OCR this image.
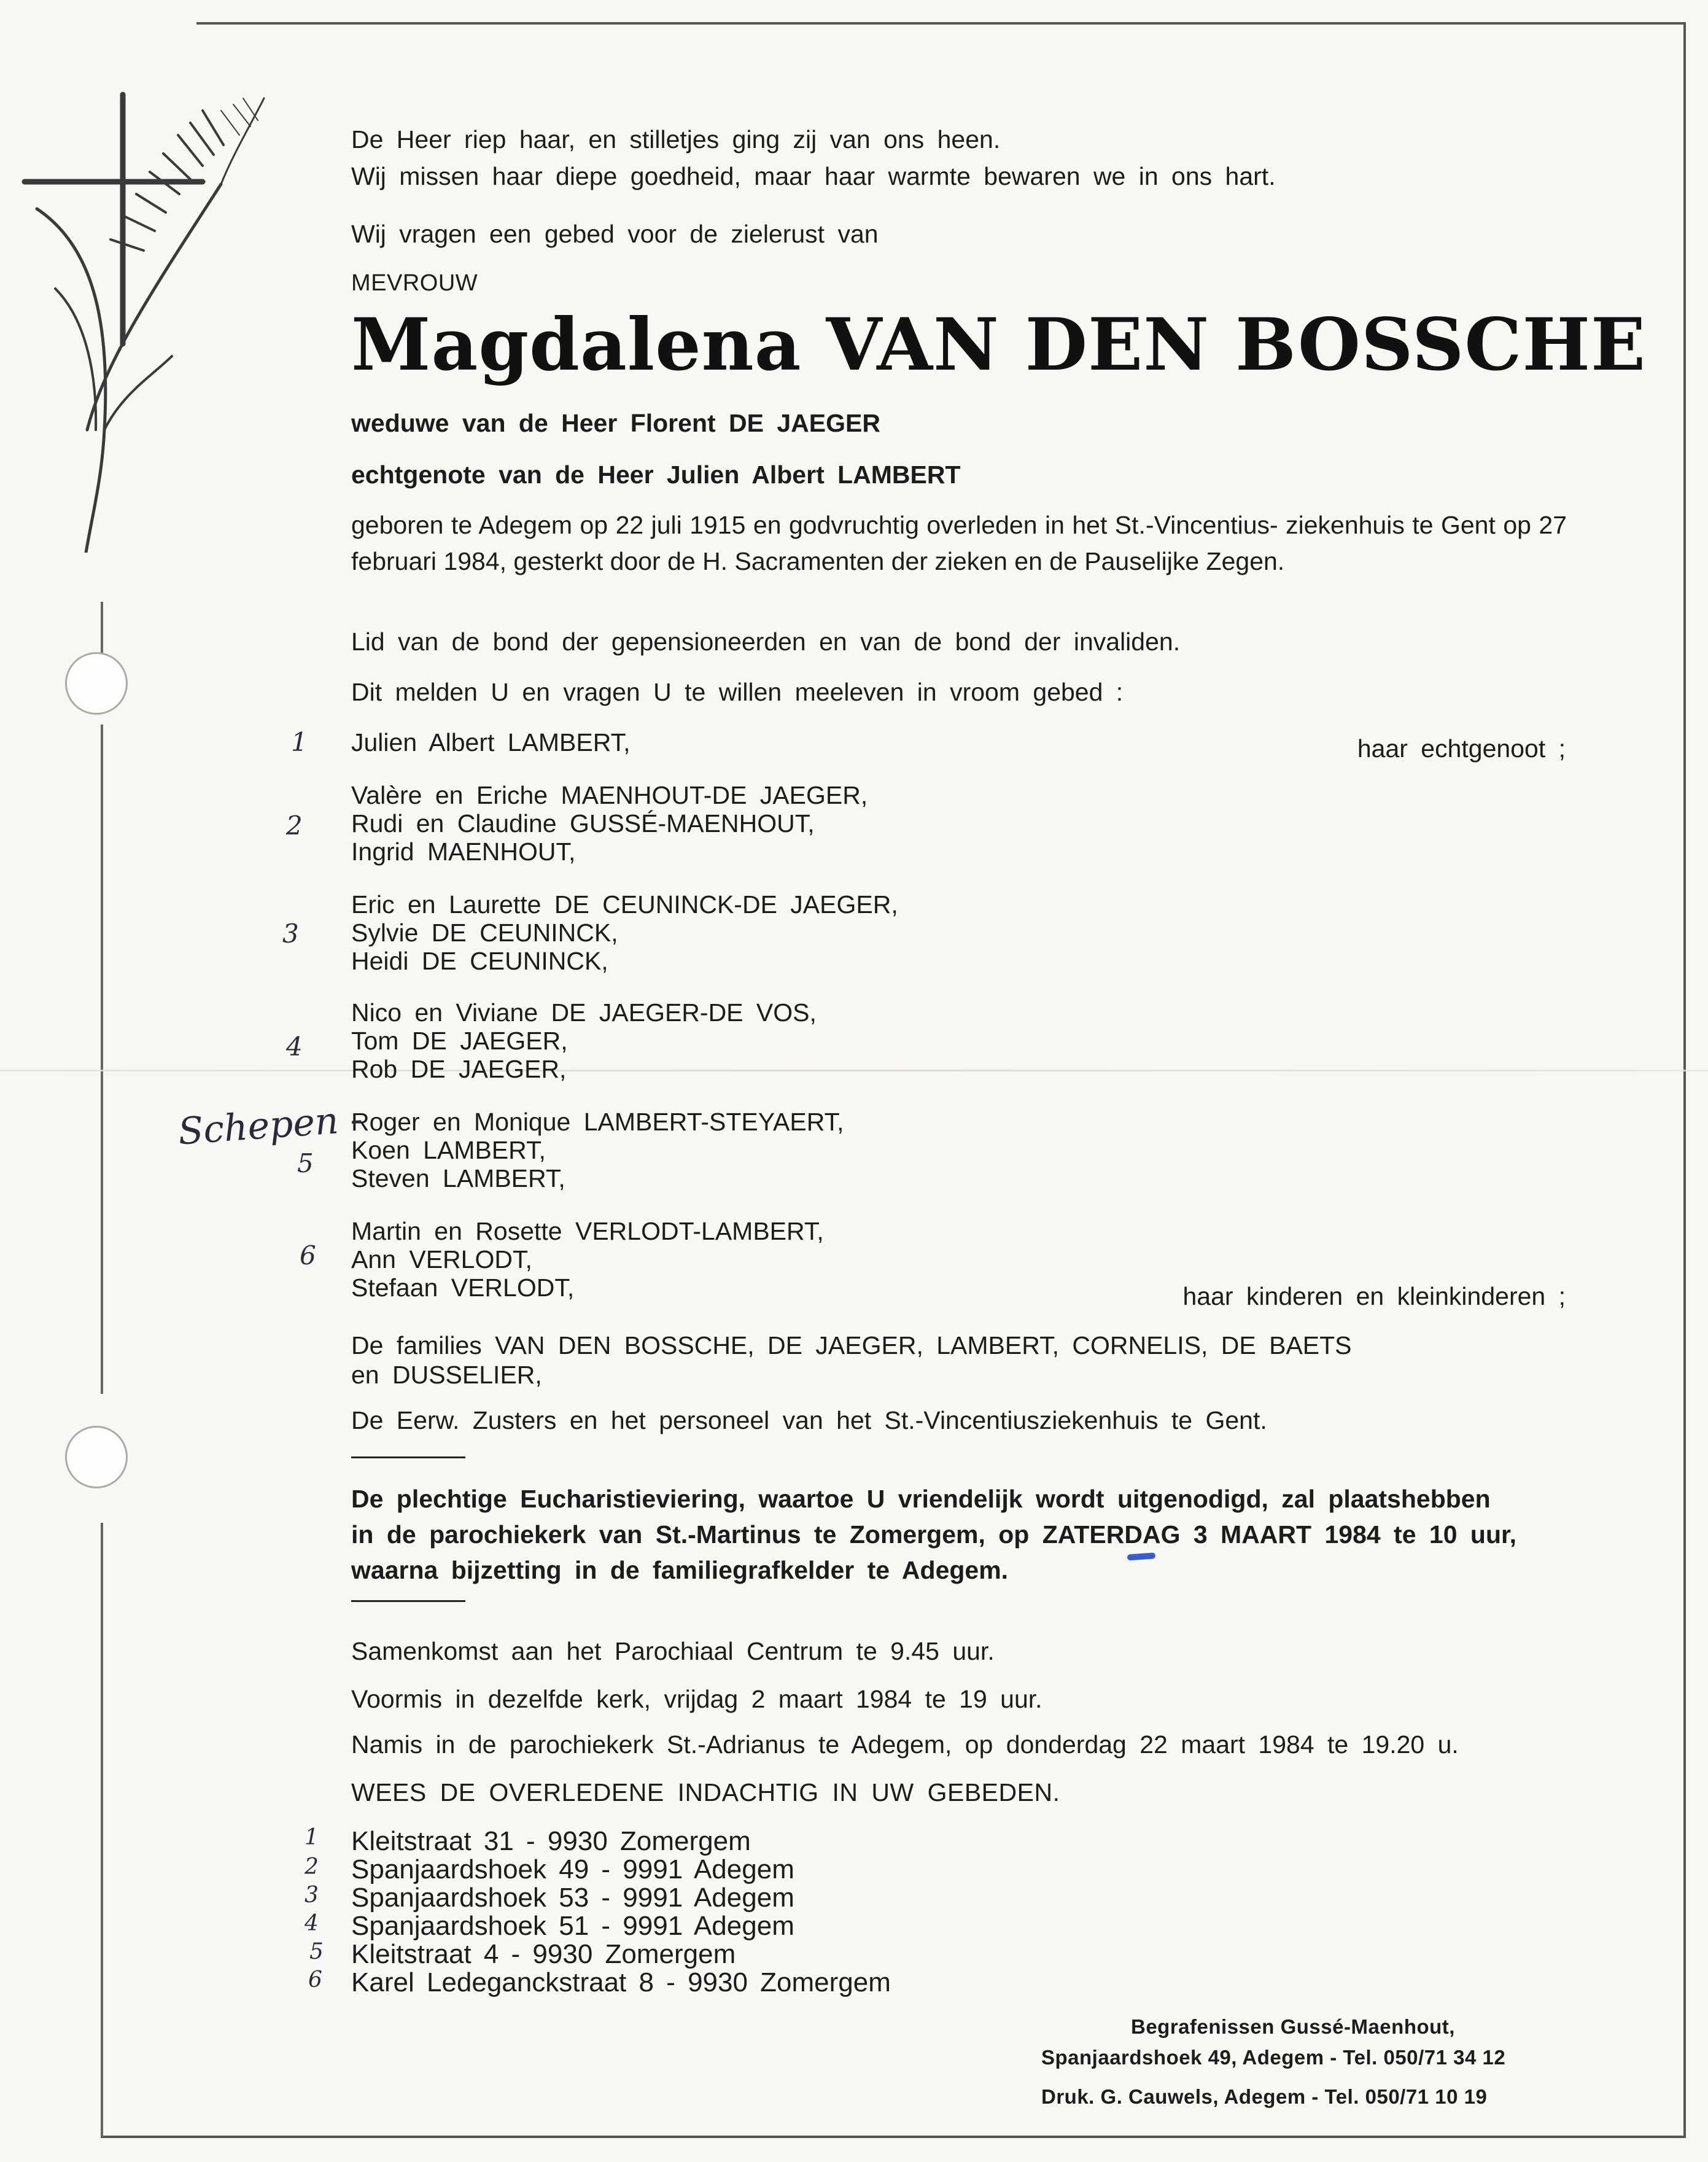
De Heer riep haar, en stilletjes ging zij van ons heen.
Wij missen haar diepe goedheid, maar haar warmte bewaren we in ons hart.
Wij vragen een gebed voor de zielerust van
MEVROUW
Magdalena VAN DEN BOSSCHE
weduwe van de Heer Florent DE JAEGER
echtgenote van de Heer Julien Albert LAMBERT
geboren te Adegem op 22 juli 1915 en godvruchtig overleden in het St.-Vincentius- ziekenhuis te Gent op 27 februari 1984, gesterkt door de H. Sacramenten der zieken en de Pauselijke Zegen.
Lid van de bond der gepensioneerden en van de bond der invaliden.
Dit melden U en vragen U te willen meeleven in vroom gebed :
Julien Albert LAMBERT,	haar echtgenoot ;
Valère en Eriche MAENHOUT-DE JAEGER,
Rudi en Claudine GUSSÉ-MAENHOUT,
Ingrid MAENHOUT,
Eric en Laurette DE CEUNINCK-DE JAEGER,
Sylvie DE CEUNINCK,
Heidi DE CEUNINCK,
Nico en Viviane DE JAEGER-DE VOS,
Tom DE JAEGER,
Rob DE JAEGER,
Roger en Monique LAMBERT-STEYAERT,
Koen LAMBERT,
Steven LAMBERT,
Martin en Rosette VERLODT-LAMBERT,
Ann VERLODT,
Stefaan VERLODT,	haar kinderen en kleinkinderen ;
De families VAN DEN BOSSCHE, DE JAEGER, LAMBERT, CORNELIS, DE BAETS
en DUSSELIER,
De Eerw. Zusters en het personeel van het St.-Vincentiusziekenhuis te Gent.
De plechtige Eucharistieviering, waartoe U vriendelijk wordt uitgenodigd, zal plaatshebben
in de parochiekerk van St.-Martinus te Zomergem, op ZATERDAG 3 MAART 1984 te 10 uur,
waarna bijzetting in de familiegrafkelder te Adegem.
Samenkomst aan het Parochiaal Centrum te 9.45 uur.
Voormis in dezelfde kerk, vrijdag 2 maart 1984 te 19 uur.
Namis in de parochiekerk St.-Adrianus te Adegem, op donderdag 22 maart 1984 te 19.20 u.
WEES DE OVERLEDENE INDACHTIG IN UW GEBEDEN.
Kleitstraat 31 - 9930 Zomergem
Spanjaardshoek 49 - 9991 Adegem
Spanjaardshoek 53 - 9991 Adegem
Spanjaardshoek 51 - 9991 Adegem
Kleitstraat 4 - 9930 Zomergem
Karel Ledeganckstraat 8 - 9930 Zomergem
1
2
3
4
Schepen -
5
6
1
2
3
4
5
6
Begrafenissen Gussé-Maenhout,
Spanjaardshoek 49, Adegem - Tel. 050/71 34 12
Druk. G. Cauwels, Adegem - Tel. 050/71 10 19
